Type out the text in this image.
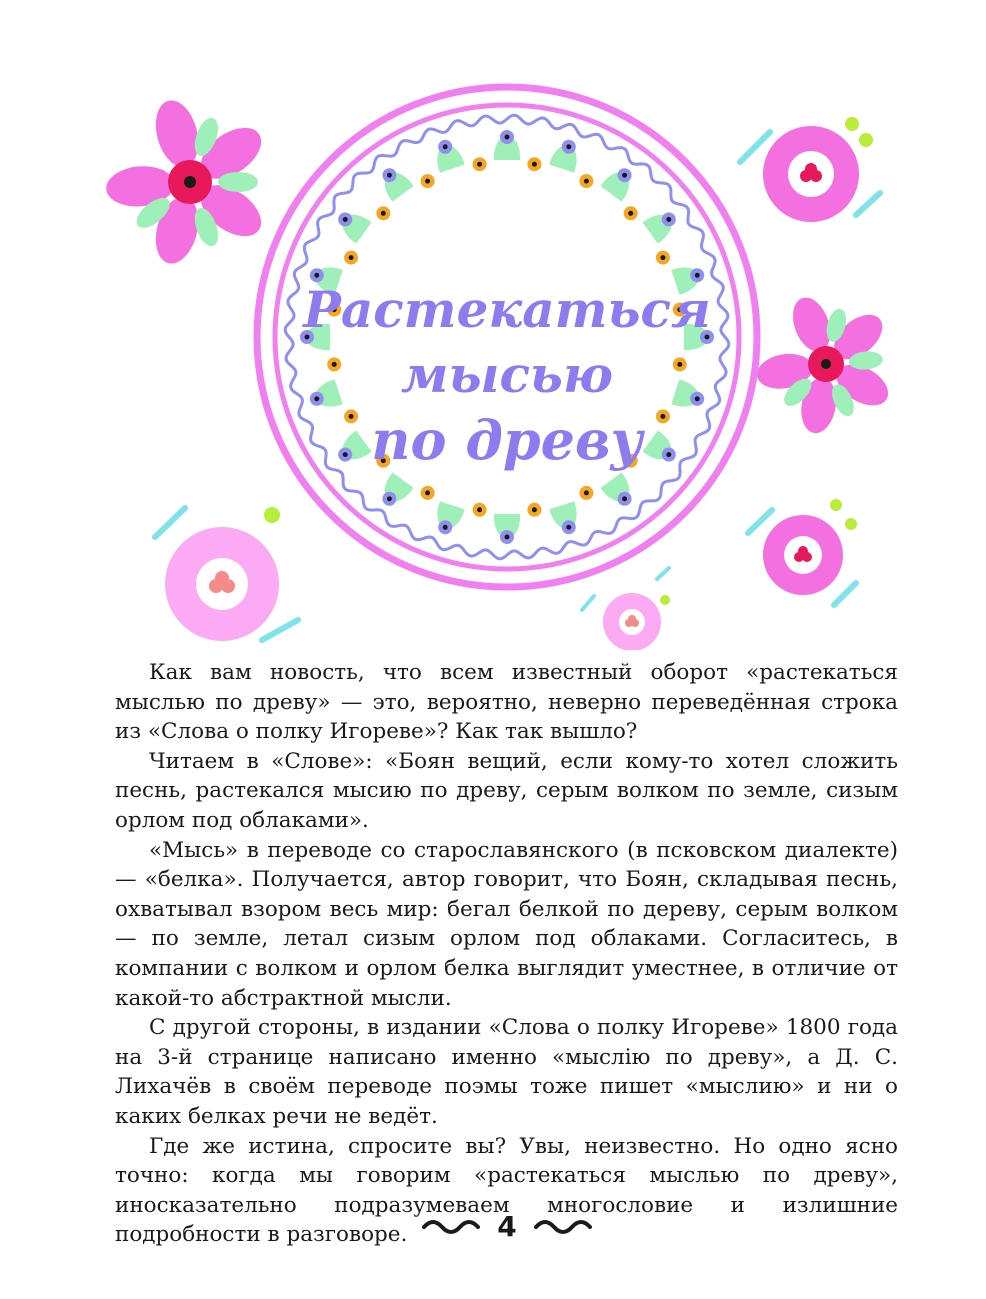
Растекаться
мысью
по древу

Как вам новость, что всем известный оборот «растекаться мыслью по древу» — это, вероятно, неверно переведённая строка из «Слова о полку Игореве»? Как так вышло?

Читаем в «Слове»: «Боян вещий, если кому-то хотел сложить песнь, растекался мысию по древу, серым волком по земле, сизым орлом под облаками».

«Мысь» в переводе со старославянского (в псковском диалекте) — «белка». Получается, автор говорит, что Боян, складывая песнь, охватывал взором весь мир: бегал белкой по дереву, серым волком — по земле, летал сизым орлом под облаками. Согласитесь, в компании с волком и орлом белка выглядит уместнее, в отличие от какой-то абстрактной мысли.

С другой стороны, в издании «Слова о полку Игореве» 1800 года на 3-й странице написано именно «мыслію по древу», а Д. С. Лихачёв в своём переводе поэмы тоже пишет «мыслию» и ни о каких белках речи не ведёт.

Где же истина, спросите вы? Увы, неизвестно. Но одно ясно точно: когда мы говорим «растекаться мыслью по древу», иносказательно подразумеваем многословие и излишние подробности в разговоре.	4
